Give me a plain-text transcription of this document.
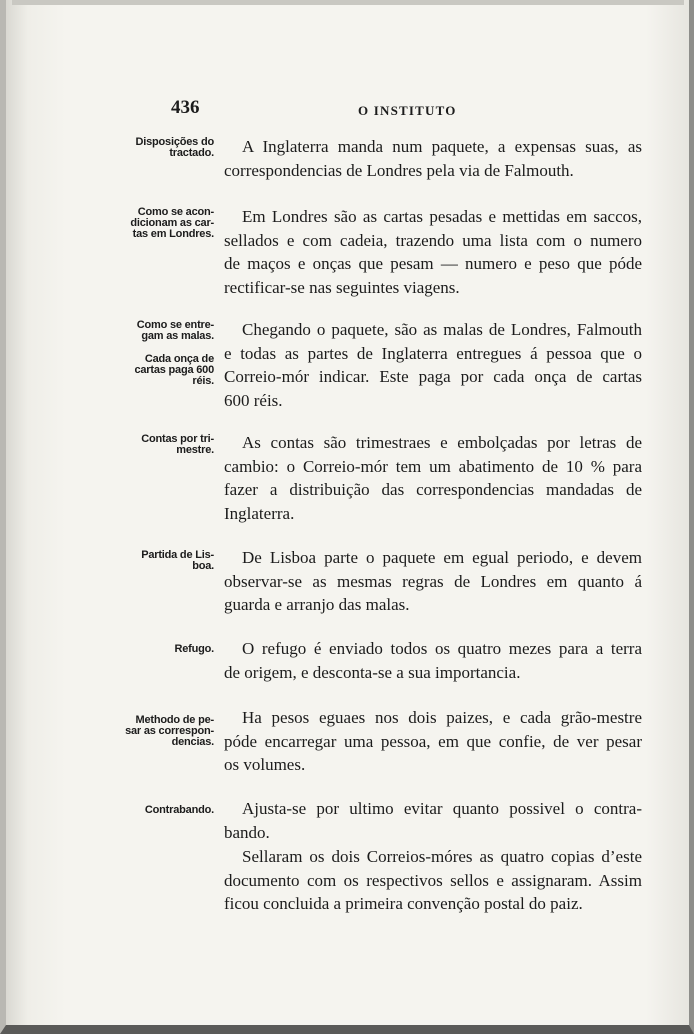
436	O INSTITUTO
Disposições do
tractado.	A Inglaterra manda num paquete, a expensas suas, as
correspondencias de Londres pela via de Falmouth.
Como se acon-
dicionam as car-
tas em Londres.
Em Londres são as cartas pesadas e mettidas em saccos,
sellados e com cadeia, trazendo uma lista com o numero
de maços e onças que pesam — numero e peso que póde
rectificar-se nas seguintes viagens.
Como se entre-
gam as malas.
Cada onça de
cartas paga 600
réis.
Chegando o paquete, são as malas de Londres, Falmouth
e todas as partes de Inglaterra entregues á pessoa que o
Correio-mór indicar. Este paga por cada onça de cartas
600 réis.
Contas por tri-
mestre.	As contas são trimestraes e embolçadas por letras de
cambio: o Correio-mór tem um abatimento de 10 % para
fazer a distribuição das correspondencias mandadas de
Inglaterra.
Partida de Lis-
boa.	De Lisboa parte o paquete em egual periodo, e devem
observar-se as mesmas regras de Londres em quanto á
guarda e arranjo das malas.
Refugo.	O refugo é enviado todos os quatro mezes para a terra
de origem, e desconta-se a sua importancia.
Methodo de pe-
sar as correspon-
dencias.
Ha pesos eguaes nos dois paizes, e cada grão-mestre
póde encarregar uma pessoa, em que confie, de ver pesar
os volumes.
Contrabando.	Ajusta-se por ultimo evitar quanto possivel o contra-
bando.
Sellaram os dois Correios-móres as quatro copias d’este
documento com os respectivos sellos e assignaram. Assim
ficou concluida a primeira convenção postal do paiz.
